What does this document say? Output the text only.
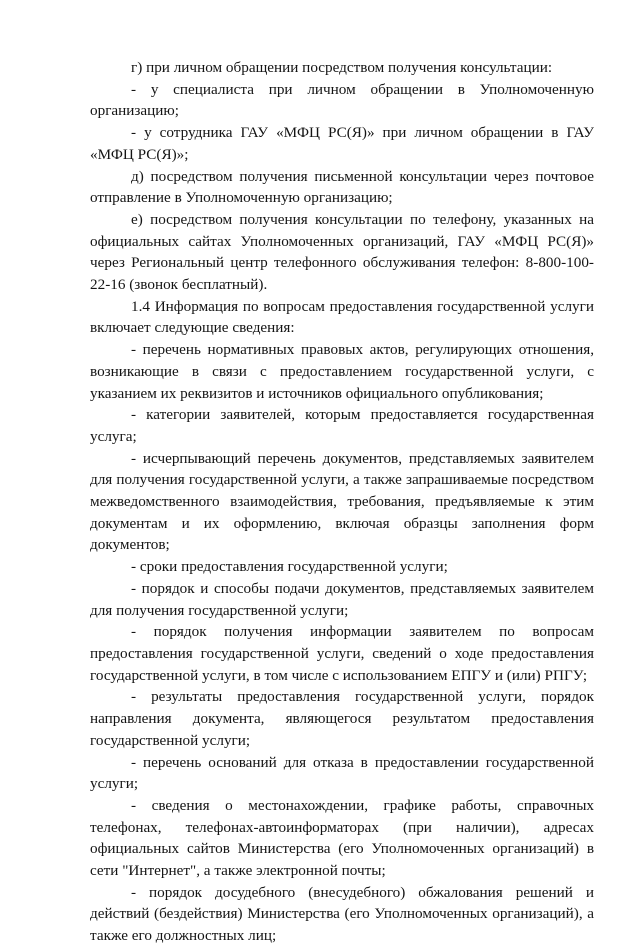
г) при личном обращении посредством получения консультации:

- у специалиста при личном обращении в Уполномоченную организацию;

- у сотрудника ГАУ «МФЦ РС(Я)» при личном обращении в ГАУ «МФЦ РС(Я)»;

д) посредством получения письменной консультации через почтовое отправление в Уполномоченную организацию;

е) посредством получения консультации по телефону, указанных на официальных сайтах Уполномоченных организаций, ГАУ «МФЦ РС(Я)» через Региональный центр телефонного обслуживания телефон: 8-800-100-22-16 (звонок бесплатный).

1.4 Информация по вопросам предоставления государственной услуги включает следующие сведения:

- перечень нормативных правовых актов, регулирующих отношения, возникающие в связи с предоставлением государственной услуги, с указанием их реквизитов и источников официального опубликования;

- категории заявителей, которым предоставляется государственная услуга;

- исчерпывающий перечень документов, представляемых заявителем для получения государственной услуги, а также запрашиваемые посредством межведомственного взаимодействия, требования, предъявляемые к этим документам и их оформлению, включая образцы заполнения форм документов;

- сроки предоставления государственной услуги;

- порядок и способы подачи документов, представляемых заявителем для получения государственной услуги;

- порядок получения информации заявителем по вопросам предоставления государственной услуги, сведений о ходе предоставления государственной услуги, в том числе с использованием ЕПГУ и (или) РПГУ;

- результаты предоставления государственной услуги, порядок направления документа, являющегося результатом предоставления государственной услуги;

- перечень оснований для отказа в предоставлении государственной услуги;

- сведения о местонахождении, графике работы, справочных телефонах, телефонах-автоинформаторах (при наличии), адресах официальных сайтов Министерства (его Уполномоченных организаций) в сети "Интернет", а также электронной почты;

- порядок досудебного (внесудебного) обжалования решений и действий (бездействия) Министерства (его Уполномоченных организаций), а также его должностных лиц;
